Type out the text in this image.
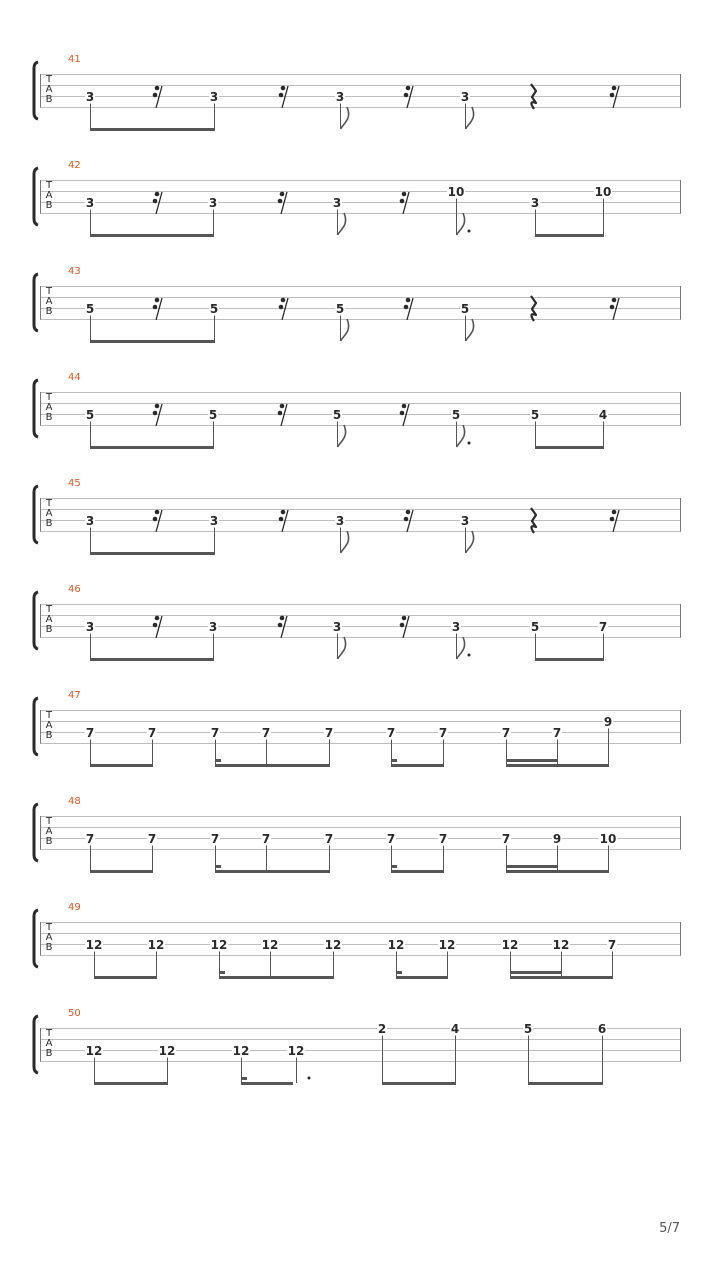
T
A
B
41
3	3	3	3
T
A
B
42
3	3	3
10
3
10
T
A
B
43
5	5	5	5
T
A
B
44
5	5	5	5	5	4
T
A
B
45
3	3	3	3
T
A
B
46
3	3	3	3	5	7
T
A
B
47
7	7	7	7	7	7	7	7	7
9
T
A
B
48
7	7	7	7	7	7	7	7	9	10
T
A
B
49
12	12	12	12	12	12	12	12	12	7
T
A
B
50
12	12	12	12
2	4	5	6
5/7
